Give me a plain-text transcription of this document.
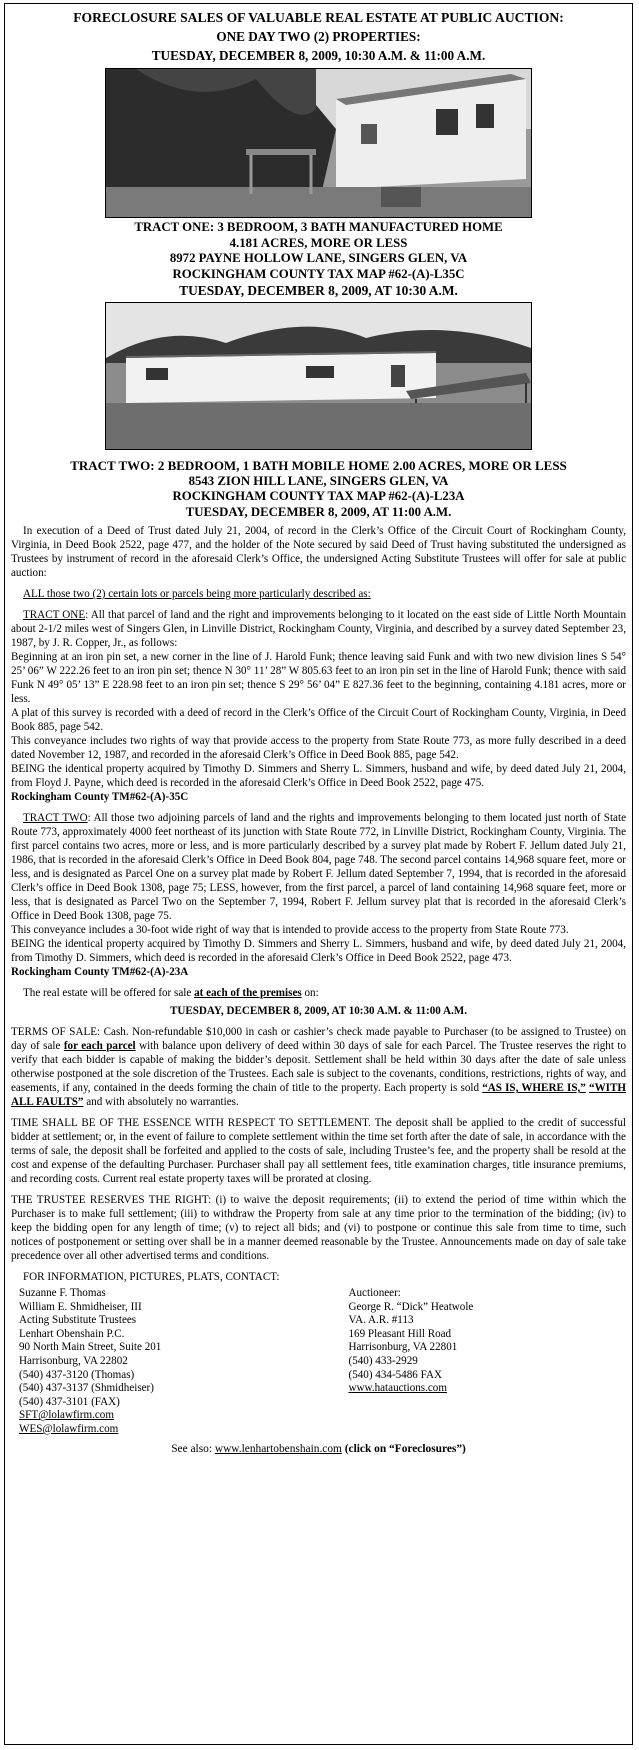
FORECLOSURE SALES OF VALUABLE REAL ESTATE AT PUBLIC AUCTION:
ONE DAY TWO (2) PROPERTIES:
TUESDAY, DECEMBER 8, 2009, 10:30 A.M. & 11:00 A.M.
TRACT ONE: 3 BEDROOM, 3 BATH MANUFACTURED HOME
4.181 ACRES, MORE OR LESS
8972 PAYNE HOLLOW LANE, SINGERS GLEN, VA
ROCKINGHAM COUNTY TAX MAP #62-(A)-L35C
TUESDAY, DECEMBER 8, 2009, AT 10:30 A.M.
TRACT TWO: 2 BEDROOM, 1 BATH MOBILE HOME 2.00 ACRES, MORE OR LESS
8543 ZION HILL LANE, SINGERS GLEN, VA
ROCKINGHAM COUNTY TAX MAP #62-(A)-L23A
TUESDAY, DECEMBER 8, 2009, AT 11:00 A.M.

In execution of a Deed of Trust dated July 21, 2004, of record in the Clerk’s Office of the Circuit Court of Rockingham County, Virginia, in Deed Book 2522, page 477, and the holder of the Note secured by said Deed of Trust having substituted the undersigned as Trustees by instrument of record in the aforesaid Clerk’s Office, the undersigned Acting Substitute Trustees will offer for sale at public auction:

ALL those two (2) certain lots or parcels being more particularly described as:

TRACT ONE: All that parcel of land and the right and improvements belonging to it located on the east side of Little North Mountain about 2-1/2 miles west of Singers Glen, in Linville District, Rockingham County, Virginia, and described by a survey dated September 23, 1987, by J. R. Copper, Jr., as follows:

Beginning at an iron pin set, a new corner in the line of J. Harold Funk; thence leaving said Funk and with two new division lines S 54° 25’ 06” W 222.26 feet to an iron pin set; thence N 30° 11’ 28” W 805.63 feet to an iron pin set in the line of Harold Funk; thence with said Funk N 49° 05’ 13” E 228.98 feet to an iron pin set; thence S 29° 56’ 04” E 827.36 feet to the beginning, containing 4.181 acres, more or less.

A plat of this survey is recorded with a deed of record in the Clerk’s Office of the Circuit Court of Rockingham County, Virginia, in Deed Book 885, page 542.

This conveyance includes two rights of way that provide access to the property from State Route 773, as more fully described in a deed dated November 12, 1987, and recorded in the aforesaid Clerk’s Office in Deed Book 885, page 542.

BEING the identical property acquired by Timothy D. Simmers and Sherry L. Simmers, husband and wife, by deed dated July 21, 2004, from Floyd J. Payne, which deed is recorded in the aforesaid Clerk’s Office in Deed Book 2522, page 475.

Rockingham County TM#62-(A)-35C

TRACT TWO: All those two adjoining parcels of land and the rights and improvements belonging to them located just north of State Route 773, approximately 4000 feet northeast of its junction with State Route 772, in Linville District, Rockingham County, Virginia. The first parcel contains two acres, more or less, and is more particularly described by a survey plat made by Robert F. Jellum dated July 21, 1986, that is recorded in the aforesaid Clerk’s Office in Deed Book 804, page 748. The second parcel contains 14,968 square feet, more or less, and is designated as Parcel One on a survey plat made by Robert F. Jellum dated September 7, 1994, that is recorded in the aforesaid Clerk’s office in Deed Book 1308, page 75; LESS, however, from the first parcel, a parcel of land containing 14,968 square feet, more or less, that is designated as Parcel Two on the September 7, 1994, Robert F. Jellum survey plat that is recorded in the aforesaid Clerk’s Office in Deed Book 1308, page 75.

This conveyance includes a 30-foot wide right of way that is intended to provide access to the property from State Route 773.

BEING the identical property acquired by Timothy D. Simmers and Sherry L. Simmers, husband and wife, by deed dated July 21, 2004, from Timothy D. Simmers, which deed is recorded in the aforesaid Clerk’s Office in Deed Book 2522, page 473.

Rockingham County TM#62-(A)-23A

The real estate will be offered for sale at each of the premises on:

TUESDAY, DECEMBER 8, 2009, AT 10:30 A.M. & 11:00 A.M.

TERMS OF SALE: Cash. Non-refundable $10,000 in cash or cashier’s check made payable to Purchaser (to be assigned to Trustee) on day of sale for each parcel with balance upon delivery of deed within 30 days of sale for each Parcel. The Trustee reserves the right to verify that each bidder is capable of making the bidder’s deposit. Settlement shall be held within 30 days after the date of sale unless otherwise postponed at the sole discretion of the Trustees. Each sale is subject to the covenants, conditions, restrictions, rights of way, and easements, if any, contained in the deeds forming the chain of title to the property. Each property is sold “AS IS, WHERE IS,” “WITH ALL FAULTS” and with absolutely no warranties.

TIME SHALL BE OF THE ESSENCE WITH RESPECT TO SETTLEMENT. The deposit shall be applied to the credit of successful bidder at settlement; or, in the event of failure to complete settlement within the time set forth after the date of sale, in accordance with the terms of sale, the deposit shall be forfeited and applied to the costs of sale, including Trustee’s fee, and the property shall be resold at the cost and expense of the defaulting Purchaser. Purchaser shall pay all settlement fees, title examination charges, title insurance premiums, and recording costs. Current real estate property taxes will be prorated at closing.

THE TRUSTEE RESERVES THE RIGHT: (i) to waive the deposit requirements; (ii) to extend the period of time within which the Purchaser is to make full settlement; (iii) to withdraw the Property from sale at any time prior to the termination of the bidding; (iv) to keep the bidding open for any length of time; (v) to reject all bids; and (vi) to postpone or continue this sale from time to time, such notices of postponement or setting over shall be in a manner deemed reasonable by the Trustee. Announcements made on day of sale take precedence over all other advertised terms and conditions.

FOR INFORMATION, PICTURES, PLATS, CONTACT:

Suzanne F. Thomas
William E. Shmidheiser, III
Acting Substitute Trustees
Lenhart Obenshain P.C.
90 North Main Street, Suite 201
Harrisonburg, VA 22802
(540) 437-3120 (Thomas)
(540) 437-3137 (Shmidheiser)
(540) 437-3101 (FAX)
SFT@lolawfirm.com
WES@lolawfirm.com
Auctioneer:
George R. “Dick” Heatwole
VA. A.R. #113
169 Pleasant Hill Road
Harrisonburg, VA 22801
(540) 433-2929
(540) 434-5486 FAX
www.hatauctions.com
See also: www.lenhartobenshain.com (click on “Foreclosures”)
